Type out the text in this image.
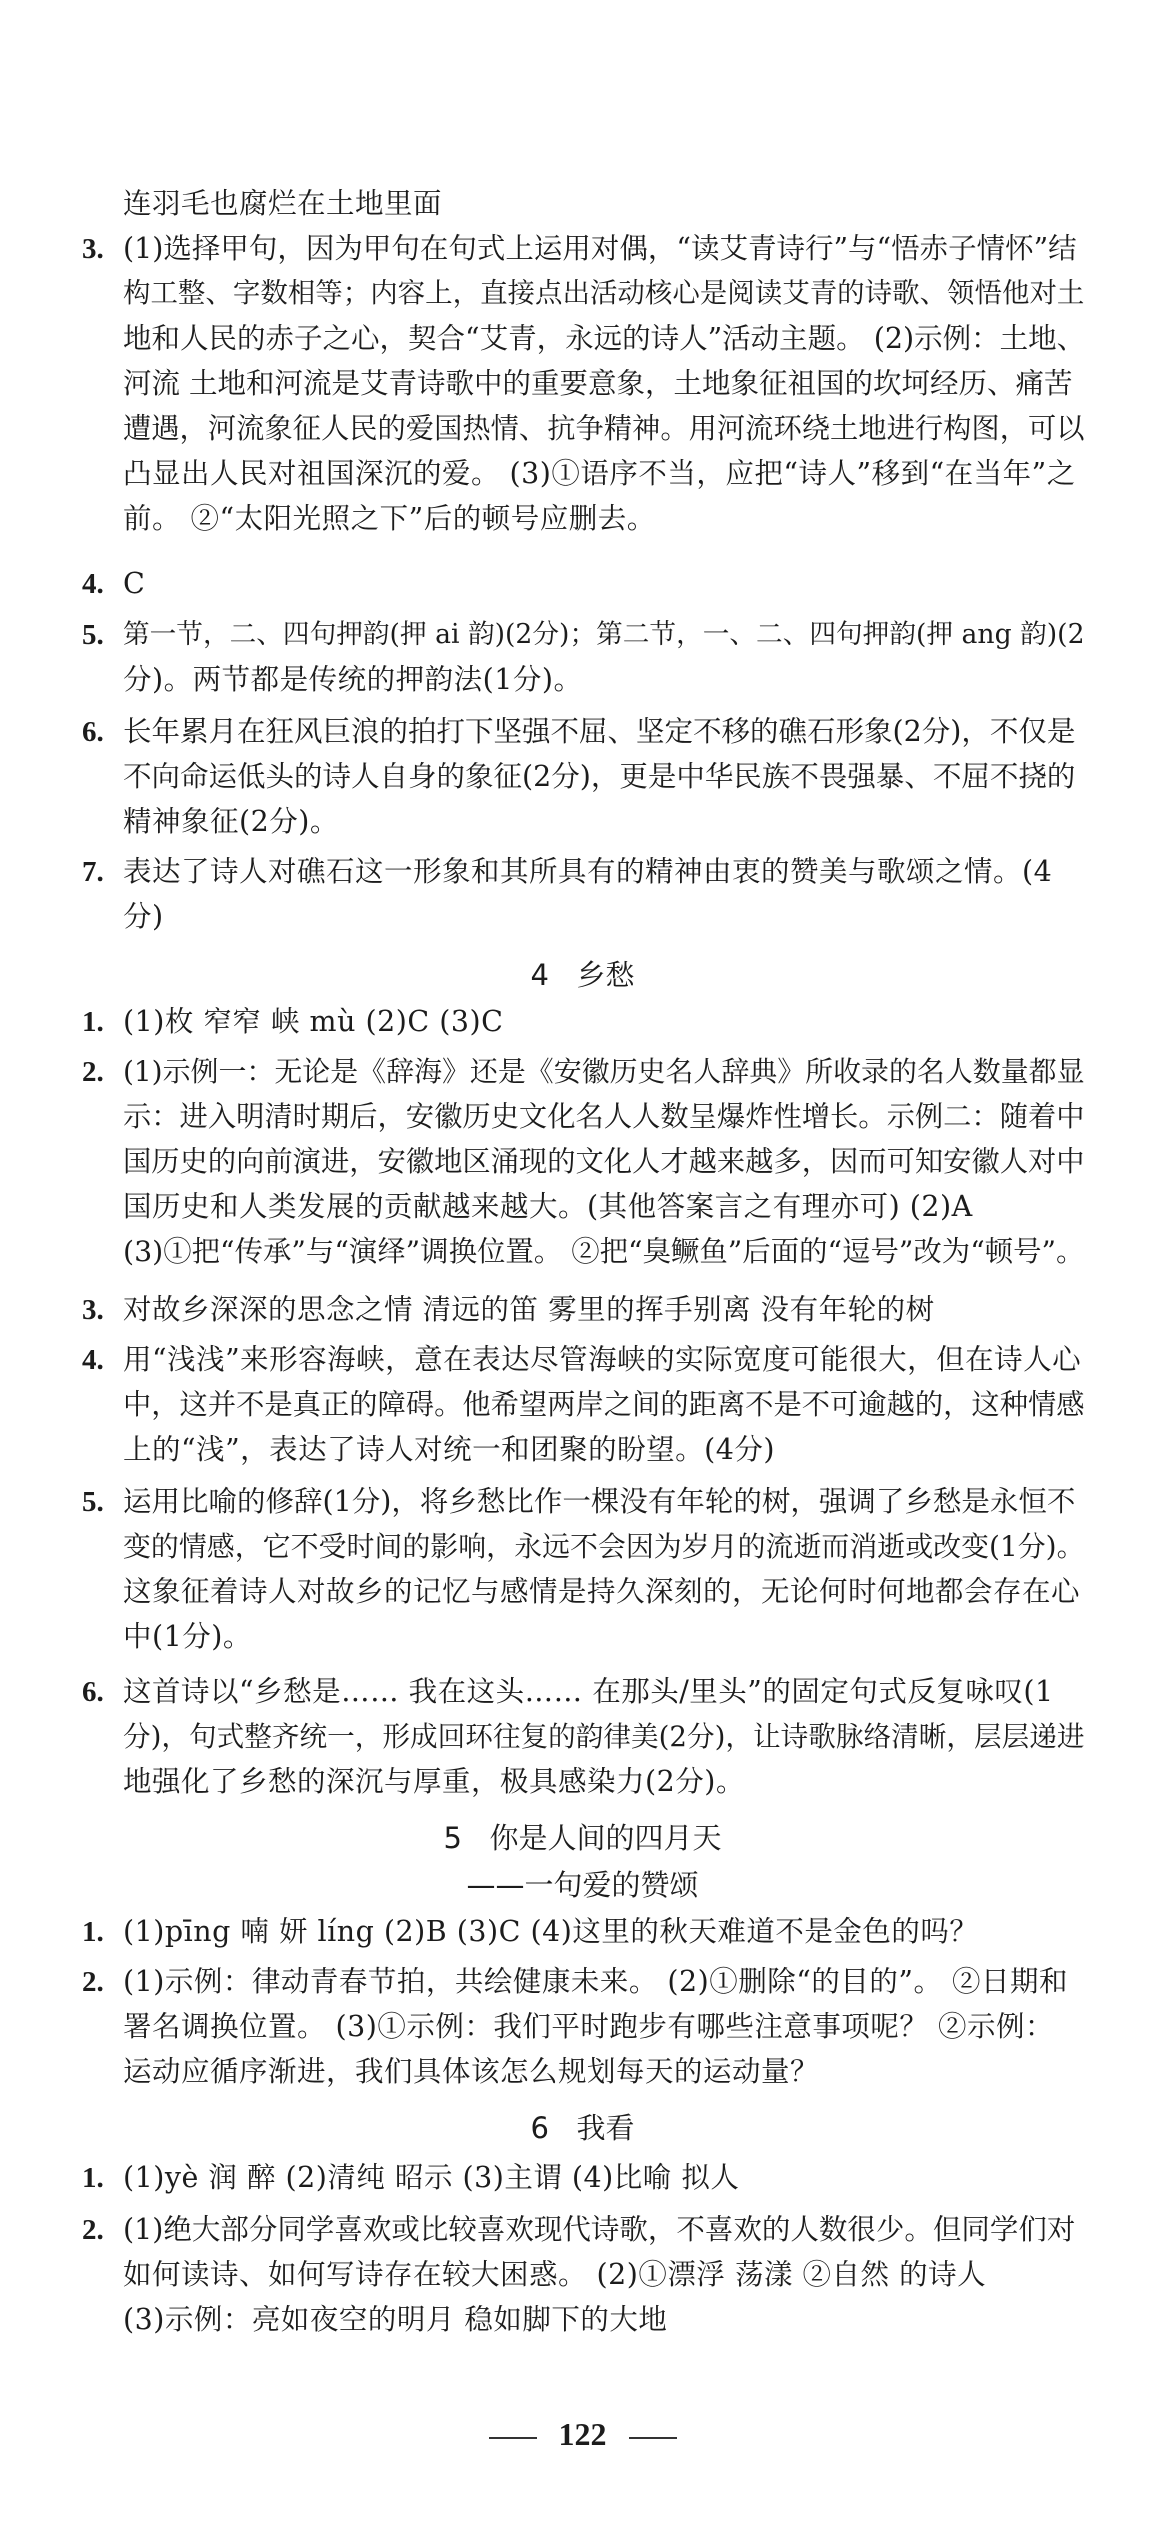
连羽毛也腐烂在土地里面
3. (1)选择甲句，因为甲句在句式上运用对偶，“读艾青诗行”与“悟赤子情怀”结
构工整、字数相等；内容上，直接点出活动核心是阅读艾青的诗歌、领悟他对土
地和人民的赤子之心，契合“艾青，永远的诗人”活动主题。 (2)示例：土地、
河流 土地和河流是艾青诗歌中的重要意象，土地象征祖国的坎坷经历、痛苦
遭遇，河流象征人民的爱国热情、抗争精神。用河流环绕土地进行构图，可以
凸显出人民对祖国深沉的爱。 (3)①语序不当，应把“诗人”移到“在当年”之
前。 ②“太阳光照之下”后的顿号应删去。
4. C
5. 第一节，二、四句押韵(押 ai 韵)(2分)；第二节，一、二、四句押韵(押 ang 韵)(2
分)。两节都是传统的押韵法(1分)。
6. 长年累月在狂风巨浪的拍打下坚强不屈、坚定不移的礁石形象(2分)，不仅是
不向命运低头的诗人自身的象征(2分)，更是中华民族不畏强暴、不屈不挠的
精神象征(2分)。
7. 表达了诗人对礁石这一形象和其所具有的精神由衷的赞美与歌颂之情。(4
分)
4   乡愁
1. (1)枚 窄窄 峡 mù (2)C (3)C
2. (1)示例一：无论是《辞海》还是《安徽历史名人辞典》所收录的名人数量都显
示：进入明清时期后，安徽历史文化名人人数呈爆炸性增长。示例二：随着中
国历史的向前演进，安徽地区涌现的文化人才越来越多，因而可知安徽人对中
国历史和人类发展的贡献越来越大。(其他答案言之有理亦可) (2)A
(3)①把“传承”与“演绎”调换位置。 ②把“臭鳜鱼”后面的“逗号”改为“顿号”。
3. 对故乡深深的思念之情 清远的笛 雾里的挥手别离 没有年轮的树
4. 用“浅浅”来形容海峡，意在表达尽管海峡的实际宽度可能很大，但在诗人心
中，这并不是真正的障碍。他希望两岸之间的距离不是不可逾越的，这种情感
上的“浅”，表达了诗人对统一和团聚的盼望。(4分)
5. 运用比喻的修辞(1分)，将乡愁比作一棵没有年轮的树，强调了乡愁是永恒不
变的情感，它不受时间的影响，永远不会因为岁月的流逝而消逝或改变(1分)。
这象征着诗人对故乡的记忆与感情是持久深刻的，无论何时何地都会存在心
中(1分)。
6. 这首诗以“乡愁是…… 我在这头…… 在那头/里头”的固定句式反复咏叹(1
分)，句式整齐统一，形成回环往复的韵律美(2分)，让诗歌脉络清晰，层层递进
地强化了乡愁的深沉与厚重，极具感染力(2分)。
5   你是人间的四月天
——一句爱的赞颂
1. (1)pīng 喃 妍 líng (2)B (3)C (4)这里的秋天难道不是金色的吗？
2. (1)示例：律动青春节拍，共绘健康未来。 (2)①删除“的目的”。 ②日期和
署名调换位置。 (3)①示例：我们平时跑步有哪些注意事项呢？ ②示例：
运动应循序渐进，我们具体该怎么规划每天的运动量？
6   我看
1. (1)yè 润 醉 (2)清纯 昭示 (3)主谓 (4)比喻 拟人
2. (1)绝大部分同学喜欢或比较喜欢现代诗歌，不喜欢的人数很少。但同学们对
如何读诗、如何写诗存在较大困惑。 (2)①漂浮 荡漾 ②自然 的诗人
(3)示例：亮如夜空的明月 稳如脚下的大地
122
